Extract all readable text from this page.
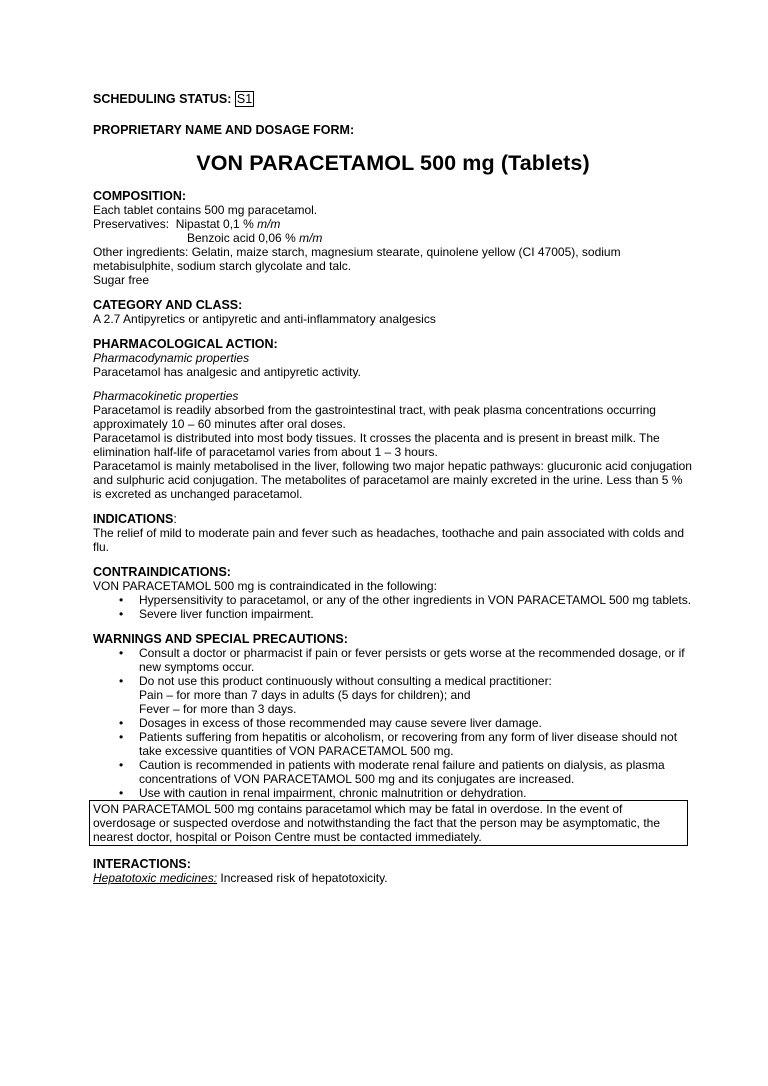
SCHEDULING STATUS: S1

PROPRIETARY NAME AND DOSAGE FORM:

VON PARACETAMOL 500 mg (Tablets)

COMPOSITION:

Each tablet contains 500 mg paracetamol.

Preservatives:  Nipastat 0,1 % m/m

Benzoic acid 0,06 % m/m

Other ingredients: Gelatin, maize starch, magnesium stearate, quinolene yellow (CI 47005), sodium metabisulphite, sodium starch glycolate and talc.

Sugar free

CATEGORY AND CLASS:

A 2.7 Antipyretics or antipyretic and anti-inflammatory analgesics

PHARMACOLOGICAL ACTION:

Pharmacodynamic properties

Paracetamol has analgesic and antipyretic activity.

Pharmacokinetic properties

Paracetamol is readily absorbed from the gastrointestinal tract, with peak plasma concentrations occurring approximately 10 – 60 minutes after oral doses.

Paracetamol is distributed into most body tissues. It crosses the placenta and is present in breast milk. The elimination half-life of paracetamol varies from about 1 – 3 hours.

Paracetamol is mainly metabolised in the liver, following two major hepatic pathways: glucuronic acid conjugation and sulphuric acid conjugation. The metabolites of paracetamol are mainly excreted in the urine. Less than 5 % is excreted as unchanged paracetamol.

INDICATIONS:

The relief of mild to moderate pain and fever such as headaches, toothache and pain associated with colds and flu.

CONTRAINDICATIONS:

VON PARACETAMOL 500 mg is contraindicated in the following:

• Hypersensitivity to paracetamol, or any of the other ingredients in VON PARACETAMOL 500 mg tablets.
• Severe liver function impairment.

WARNINGS AND SPECIAL PRECAUTIONS:

• Consult a doctor or pharmacist if pain or fever persists or gets worse at the recommended dosage, or if new symptoms occur.
• Do not use this product continuously without consulting a medical practitioner:
Pain – for more than 7 days in adults (5 days for children); and
Fever – for more than 3 days.
• Dosages in excess of those recommended may cause severe liver damage.
• Patients suffering from hepatitis or alcoholism, or recovering from any form of liver disease should not take excessive quantities of VON PARACETAMOL 500 mg.
• Caution is recommended in patients with moderate renal failure and patients on dialysis, as plasma concentrations of VON PARACETAMOL 500 mg and its conjugates are increased.
• Use with caution in renal impairment, chronic malnutrition or dehydration.
VON PARACETAMOL 500 mg contains paracetamol which may be fatal in overdose. In the event of overdosage or suspected overdose and notwithstanding the fact that the person may be asymptomatic, the nearest doctor, hospital or Poison Centre must be contacted immediately.

INTERACTIONS:

Hepatotoxic medicines: Increased risk of hepatotoxicity.
